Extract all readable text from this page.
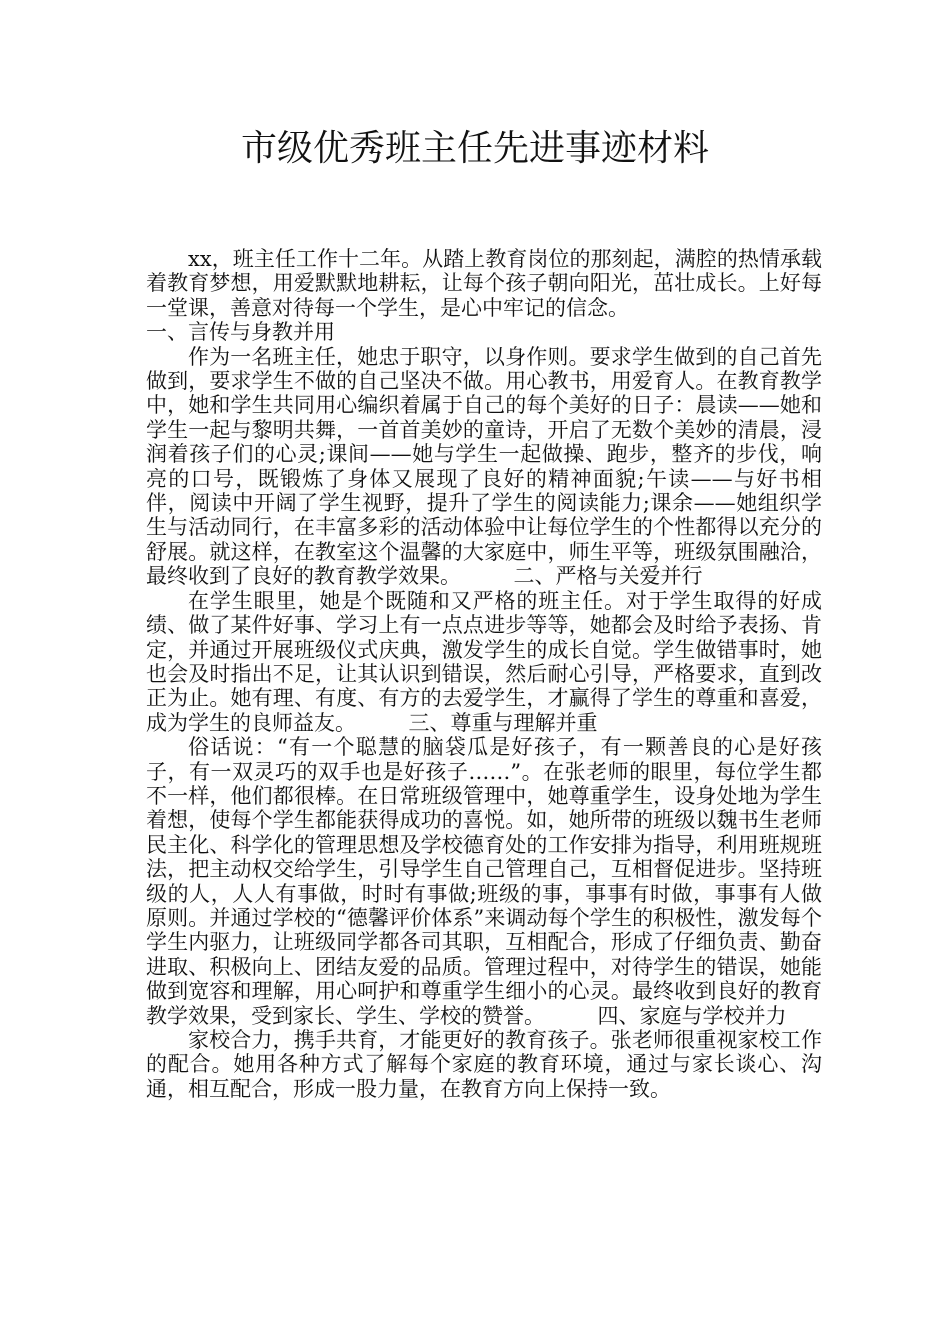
市级优秀班主任先进事迹材料

xx，班主任工作十二年。从踏上教育岗位的那刻起，满腔的热情承载着教育梦想，用爱默默地耕耘，让每个孩子朝向阳光，茁壮成长。上好每一堂课，善意对待每一个学生，是心中牢记的信念。

一、言传与身教并用

作为一名班主任，她忠于职守，以身作则。要求学生做到的自己首先做到，要求学生不做的自己坚决不做。用心教书，用爱育人。在教育教学中，她和学生共同用心编织着属于自己的每个美好的日子：晨读——她和学生一起与黎明共舞，一首首美妙的童诗，开启了无数个美妙的清晨，浸润着孩子们的心灵;课间——她与学生一起做操、跑步，整齐的步伐，响亮的口号，既锻炼了身体又展现了良好的精神面貌;午读——与好书相伴，阅读中开阔了学生视野，提升了学生的阅读能力;课余——她组织学生与活动同行，在丰富多彩的活动体验中让每位学生的个性都得以充分的舒展。就这样，在教室这个温馨的大家庭中，师生平等，班级氛围融洽，最终收到了良好的教育教学效果。　　　二、严格与关爱并行

在学生眼里，她是个既随和又严格的班主任。对于学生取得的好成绩、做了某件好事、学习上有一点点进步等等，她都会及时给予表扬、肯定，并通过开展班级仪式庆典，激发学生的成长自觉。学生做错事时，她也会及时指出不足，让其认识到错误，然后耐心引导，严格要求，直到改正为止。她有理、有度、有方的去爱学生，才赢得了学生的尊重和喜爱，成为学生的良师益友。　　　三、尊重与理解并重

俗话说：“有一个聪慧的脑袋瓜是好孩子，有一颗善良的心是好孩子，有一双灵巧的双手也是好孩子……”。在张老师的眼里，每位学生都不一样，他们都很棒。在日常班级管理中，她尊重学生，设身处地为学生着想，使每个学生都能获得成功的喜悦。如，她所带的班级以魏书生老师民主化、科学化的管理思想及学校德育处的工作安排为指导，利用班规班法，把主动权交给学生，引导学生自己管理自己，互相督促进步。坚持班级的人，人人有事做，时时有事做;班级的事，事事有时做，事事有人做原则。并通过学校的“德馨评价体系”来调动每个学生的积极性，激发每个学生内驱力，让班级同学都各司其职，互相配合，形成了仔细负责、勤奋进取、积极向上、团结友爱的品质。管理过程中，对待学生的错误，她能做到宽容和理解，用心呵护和尊重学生细小的心灵。最终收到良好的教育教学效果，受到家长、学生、学校的赞誉。　　　四、家庭与学校并力

家校合力，携手共育，才能更好的教育孩子。张老师很重视家校工作的配合。她用各种方式了解每个家庭的教育环境，通过与家长谈心、沟通，相互配合，形成一股力量，在教育方向上保持一致。
